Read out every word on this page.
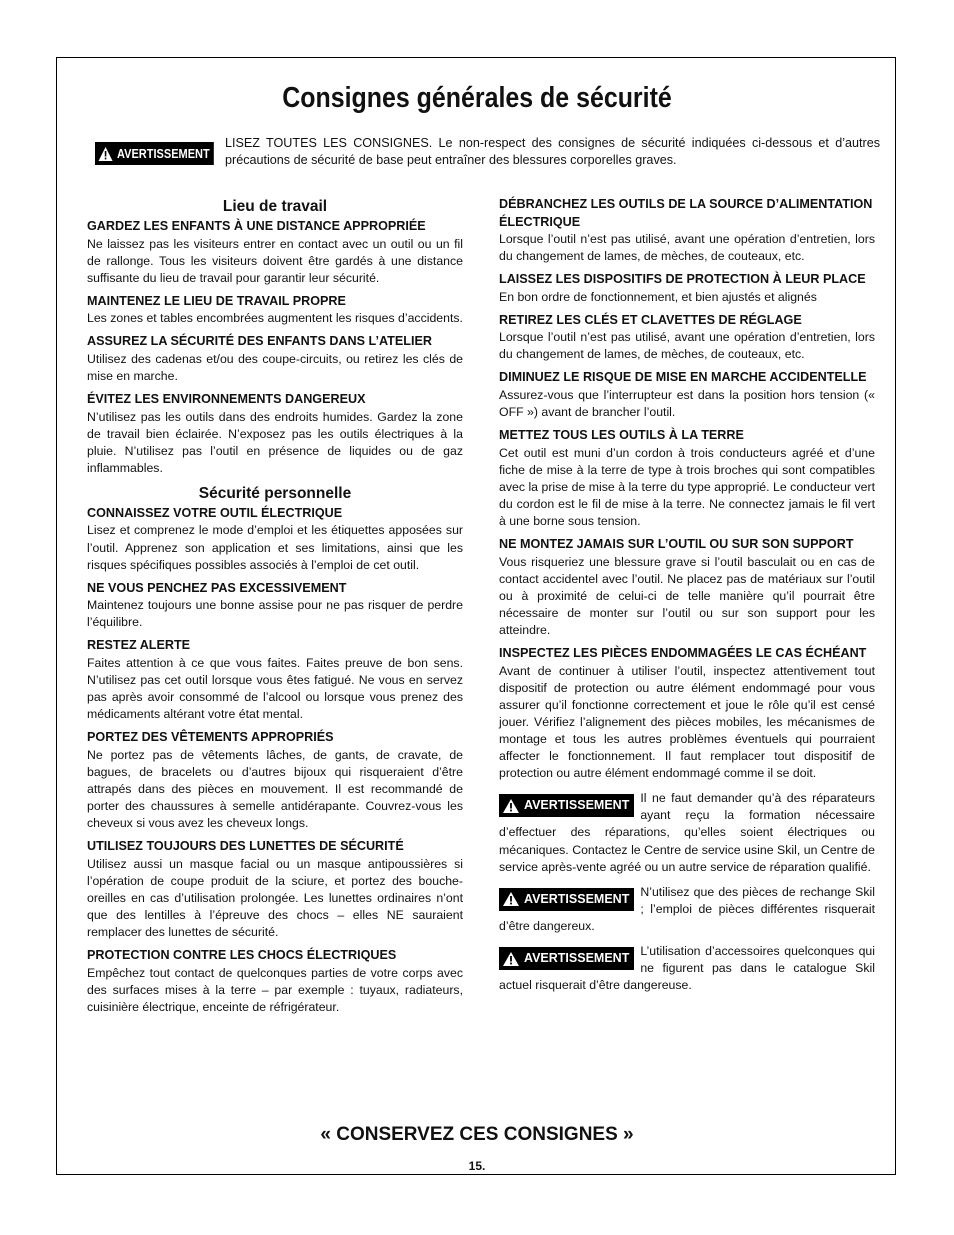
Consignes générales de sécurité
AVERTISSEMENT

LISEZ TOUTES LES CONSIGNES. Le non-respect des consignes de sécurité indiquées ci-dessous et d’autres précautions de sécurité de base peut entraîner des blessures corporelles graves.

Lieu de travail
GARDEZ LES ENFANTS À UNE DISTANCE APPROPRIÉE

Ne laissez pas les visiteurs entrer en contact avec un outil ou un fil de rallonge. Tous les visiteurs doivent être gardés à une distance suffisante du lieu de travail pour garantir leur sécurité.

MAINTENEZ LE LIEU DE TRAVAIL PROPRE

Les zones et tables encombrées augmentent les risques d’accidents.

ASSUREZ LA SÉCURITÉ DES ENFANTS DANS L’ATELIER

Utilisez des cadenas et/ou des coupe-circuits, ou retirez les clés de mise en marche.

ÉVITEZ LES ENVIRONNEMENTS DANGEREUX

N’utilisez pas les outils dans des endroits humides. Gardez la zone de travail bien éclairée. N’exposez pas les outils électriques à la pluie. N’utilisez pas l’outil en présence de liquides ou de gaz inflammables.

Sécurité personnelle
CONNAISSEZ VOTRE OUTIL ÉLECTRIQUE

Lisez et comprenez le mode d’emploi et les étiquettes apposées sur l’outil. Apprenez son application et ses limitations, ainsi que les risques spécifiques possibles associés à l’emploi de cet outil.

NE VOUS PENCHEZ PAS EXCESSIVEMENT

Maintenez toujours une bonne assise pour ne pas risquer de perdre l’équilibre.

RESTEZ ALERTE

Faites attention à ce que vous faites. Faites preuve de bon sens. N’utilisez pas cet outil lorsque vous êtes fatigué. Ne vous en servez pas après avoir consommé de l’alcool ou lorsque vous prenez des médicaments altérant votre état mental.

PORTEZ DES VÊTEMENTS APPROPRIÉS

Ne portez pas de vêtements lâches, de gants, de cravate, de bagues, de bracelets ou d’autres bijoux qui risqueraient d’être attrapés dans des pièces en mouvement. Il est recommandé de porter des chaussures à semelle antidérapante. Couvrez-vous les cheveux si vous avez les cheveux longs.

UTILISEZ TOUJOURS DES LUNETTES DE SÉCURITÉ

Utilisez aussi un masque facial ou un masque antipoussières si l’opération de coupe produit de la sciure, et portez des bouche-oreilles en cas d’utilisation prolongée. Les lunettes ordinaires n’ont que des lentilles à l’épreuve des chocs – elles NE sauraient remplacer des lunettes de sécurité.

PROTECTION CONTRE LES CHOCS ÉLECTRIQUES

Empêchez tout contact de quelconques parties de votre corps avec des surfaces mises à la terre – par exemple : tuyaux, radiateurs, cuisinière électrique, enceinte de réfrigérateur.

DÉBRANCHEZ LES OUTILS DE LA SOURCE D’ALIMENTATION ÉLECTRIQUE

Lorsque l’outil n’est pas utilisé, avant une opération d’entretien, lors du changement de lames, de mèches, de couteaux, etc.

LAISSEZ LES DISPOSITIFS DE PROTECTION À LEUR PLACE

En bon ordre de fonctionnement, et bien ajustés et alignés

RETIREZ LES CLÉS ET CLAVETTES DE RÉGLAGE

Lorsque l’outil n’est pas utilisé, avant une opération d’entretien, lors du changement de lames, de mèches, de couteaux, etc.

DIMINUEZ LE RISQUE DE MISE EN MARCHE ACCIDENTELLE

Assurez-vous que l’interrupteur est dans la position hors tension (« OFF ») avant de brancher l’outil.

METTEZ TOUS LES OUTILS À LA TERRE

Cet outil est muni d’un cordon à trois conducteurs agréé et d’une fiche de mise à la terre de type à trois broches qui sont compatibles avec la prise de mise à la terre du type approprié. Le conducteur vert du cordon est le fil de mise à la terre. Ne connectez jamais le fil vert à une borne sous tension.

NE MONTEZ JAMAIS SUR L’OUTIL OU SUR SON SUPPORT

Vous risqueriez une blessure grave si l’outil basculait ou en cas de contact accidentel avec l’outil. Ne placez pas de matériaux sur l’outil ou à proximité de celui-ci de telle manière qu’il pourrait être nécessaire de monter sur l’outil ou sur son support pour les atteindre.

INSPECTEZ LES PIÈCES ENDOMMAGÉES LE CAS ÉCHÉANT

Avant de continuer à utiliser l’outil, inspectez attentivement tout dispositif de protection ou autre élément endommagé pour vous assurer qu’il fonctionne correctement et joue le rôle qu’il est censé jouer. Vérifiez l’alignement des pièces mobiles, les mécanismes de montage et tous les autres problèmes éventuels qui pourraient affecter le fonctionnement. Il faut remplacer tout dispositif de protection ou autre élément endommagé comme il se doit.

AVERTISSEMENT Il ne faut demander qu’à des réparateurs ayant reçu la formation nécessaire d’effectuer des réparations, qu’elles soient électriques ou mécaniques. Contactez le Centre de service usine Skil, un Centre de service après-vente agréé ou un autre service de réparation qualifié.

AVERTISSEMENT N’utilisez que des pièces de rechange Skil ; l’emploi de pièces différentes risquerait d’être dangereux.

AVERTISSEMENT L’utilisation d’accessoires quelconques qui ne figurent pas dans le catalogue Skil actuel risquerait d’être dangereuse.

« CONSERVEZ CES CONSIGNES »
15.
